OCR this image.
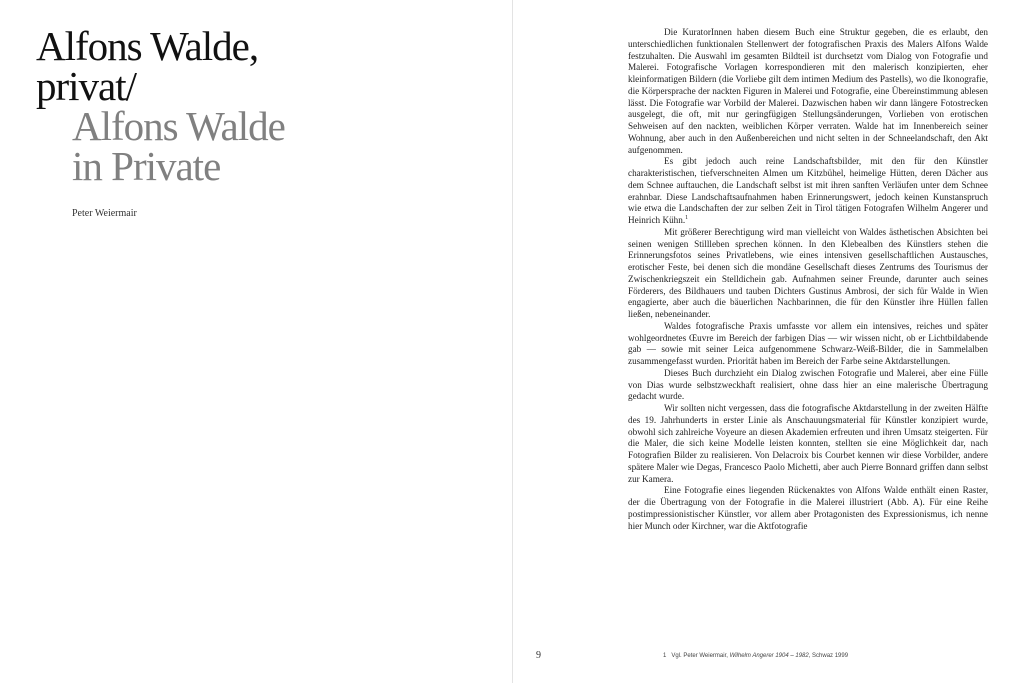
Alfons Walde,
privat/
Alfons Walde
in Private
Peter Weiermair

Die KuratorInnen haben diesem Buch eine Struktur gegeben, die es erlaubt, den unterschiedlichen funktionalen Stellenwert der fotografischen Praxis des Malers Alfons Walde festzuhalten. Die Auswahl im gesamten Bildteil ist durchsetzt vom Dialog von Fotografie und Malerei. Fotografische Vorlagen korrespondieren mit den malerisch konzipierten, eher kleinformatigen Bildern (die Vorliebe gilt dem intimen Medium des Pastells), wo die Ikonografie, die Körpersprache der nackten Figuren in Malerei und Fotografie, eine Übereinstimmung ablesen lässt. Die Fotografie war Vorbild der Malerei. Dazwischen haben wir dann längere Fotostrecken ausgelegt, die oft, mit nur geringfügigen Stellungsänderungen, Vorlieben von erotischen Sehweisen auf den nackten, weiblichen Körper verraten. Walde hat im Innenbereich seiner Wohnung, aber auch in den Außenbereichen und nicht selten in der Schneelandschaft, den Akt aufgenommen.

Es gibt jedoch auch reine Landschaftsbilder, mit den für den Künstler charakteristischen, tiefverschneiten Almen um Kitzbühel, heimelige Hütten, deren Dächer aus dem Schnee auftauchen, die Landschaft selbst ist mit ihren sanften Verläufen unter dem Schnee erahnbar. Diese Landschaftsaufnahmen haben Erinnerungswert, jedoch keinen Kunstanspruch wie etwa die Landschaften der zur selben Zeit in Tirol tätigen Fotografen Wilhelm Angerer und Heinrich Kühn.$^1$

Mit größerer Berechtigung wird man vielleicht von Waldes ästhetischen Absichten bei seinen wenigen Stillleben sprechen können. In den Klebealben des Künstlers stehen die Erinnerungsfotos seines Privatlebens, wie eines intensiven gesellschaftlichen Austausches, erotischer Feste, bei denen sich die mondäne Gesellschaft dieses Zentrums des Tourismus der Zwischenkriegszeit ein Stelldichein gab. Aufnahmen seiner Freunde, darunter auch seines Förderers, des Bildhauers und tauben Dichters Gustinus Ambrosi, der sich für Walde in Wien engagierte, aber auch die bäuerlichen Nachbarinnen, die für den Künstler ihre Hüllen fallen ließen, nebeneinander.

Waldes fotografische Praxis umfasste vor allem ein intensives, reiches und später wohlgeordnetes Œuvre im Bereich der farbigen Dias — wir wissen nicht, ob er Lichtbildabende gab — sowie mit seiner Leica aufgenommene Schwarz-Weiß-Bilder, die in Sammelalben zusammengefasst wurden. Priorität haben im Bereich der Farbe seine Aktdarstellungen.

Dieses Buch durchzieht ein Dialog zwischen Fotografie und Malerei, aber eine Fülle von Dias wurde selbstzweckhaft realisiert, ohne dass hier an eine malerische Übertragung gedacht wurde.

Wir sollten nicht vergessen, dass die fotografische Aktdarstellung in der zweiten Hälfte des 19. Jahrhunderts in erster Linie als Anschauungsmaterial für Künstler konzipiert wurde, obwohl sich zahlreiche Voyeure an diesen Akademien erfreuten und ihren Umsatz steigerten. Für die Maler, die sich keine Modelle leisten konnten, stellten sie eine Möglichkeit dar, nach Fotografien Bilder zu realisieren. Von Delacroix bis Courbet kennen wir diese Vorbilder, andere spätere Maler wie Degas, Francesco Paolo Michetti, aber auch Pierre Bonnard griffen dann selbst zur Kamera.

Eine Fotografie eines liegenden Rückenaktes von Alfons Walde enthält einen Raster, der die Übertragung von der Fotografie in die Malerei illustriert (Abb. A). Für eine Reihe postimpressionistischer Künstler, vor allem aber Protagonisten des Expressionismus, ich nenne hier Munch oder Kirchner, war die Aktfotografie

9	1 Vgl. Peter Weiermair, Wilhelm Angerer 1904 – 1982, Schwaz 1999
